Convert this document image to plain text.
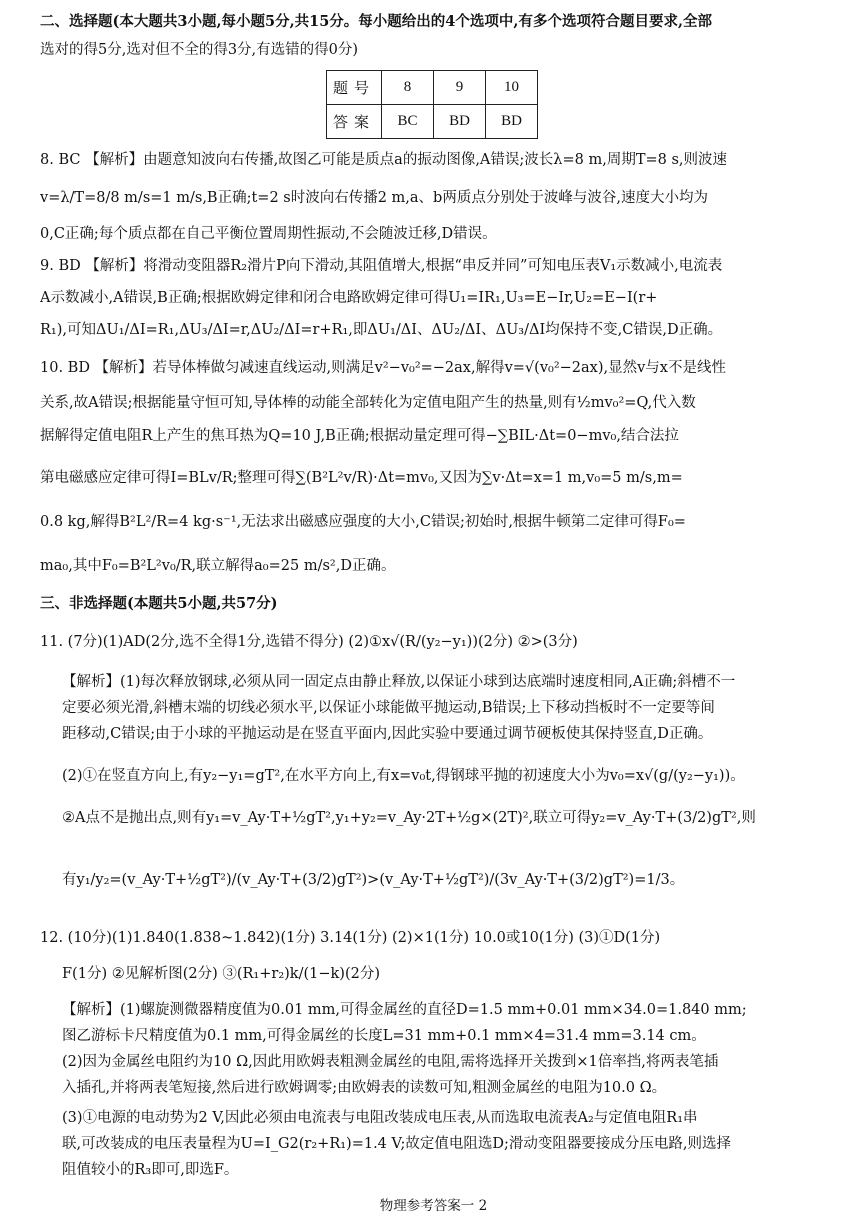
二、选择题(本大题共3小题,每小题5分,共15分。每小题给出的4个选项中,有多个选项符合题目要求,全部
选对的得5分,选对但不全的得3分,有选错的得0分)
题号	8	9	10
答案	BC	BD	BD
8. BC 【解析】由题意知波向右传播,故图乙可能是质点a的振动图像,A错误;波长λ=8 m,周期T=8 s,则波速
v=λ/T=8/8 m/s=1 m/s,B正确;t=2 s时波向右传播2 m,a、b两质点分别处于波峰与波谷,速度大小均为
0,C正确;每个质点都在自己平衡位置周期性振动,不会随波迁移,D错误。
9. BD 【解析】将滑动变阻器R₂滑片P向下滑动,其阻值增大,根据“串反并同”可知电压表V₁示数减小,电流表
A示数减小,A错误,B正确;根据欧姆定律和闭合电路欧姆定律可得U₁=IR₁,U₃=E−Ir,U₂=E−I(r+
R₁),可知ΔU₁/ΔI=R₁,ΔU₃/ΔI=r,ΔU₂/ΔI=r+R₁,即ΔU₁/ΔI、ΔU₂/ΔI、ΔU₃/ΔI均保持不变,C错误,D正确。
10. BD 【解析】若导体棒做匀减速直线运动,则满足v²−v₀²=−2ax,解得v=√(v₀²−2ax),显然v与x不是线性
关系,故A错误;根据能量守恒可知,导体棒的动能全部转化为定值电阻产生的热量,则有½mv₀²=Q,代入数
据解得定值电阻R上产生的焦耳热为Q=10 J,B正确;根据动量定理可得−∑BIL·Δt=0−mv₀,结合法拉
第电磁感应定律可得I=BLv/R;整理可得∑(B²L²v/R)·Δt=mv₀,又因为∑v·Δt=x=1 m,v₀=5 m/s,m=
0.8 kg,解得B²L²/R=4 kg·s⁻¹,无法求出磁感应强度的大小,C错误;初始时,根据牛顿第二定律可得F₀=
ma₀,其中F₀=B²L²v₀/R,联立解得a₀=25 m/s²,D正确。
三、非选择题(本题共5小题,共57分)
11. (7分)(1)AD(2分,选不全得1分,选错不得分) (2)①x√(R/(y₂−y₁))(2分) ②>(3分)
【解析】(1)每次释放钢球,必须从同一固定点由静止释放,以保证小球到达底端时速度相同,A正确;斜槽不一
定要必须光滑,斜槽末端的切线必须水平,以保证小球能做平抛运动,B错误;上下移动挡板时不一定要等间
距移动,C错误;由于小球的平抛运动是在竖直平面内,因此实验中要通过调节硬板使其保持竖直,D正确。
(2)①在竖直方向上,有y₂−y₁=gT²,在水平方向上,有x=v₀t,得钢球平抛的初速度大小为v₀=x√(g/(y₂−y₁))。
②A点不是抛出点,则有y₁=v_Ay·T+½gT²,y₁+y₂=v_Ay·2T+½g×(2T)²,联立可得y₂=v_Ay·T+(3/2)gT²,则
有y₁/y₂=(v_Ay·T+½gT²)/(v_Ay·T+(3/2)gT²)>(v_Ay·T+½gT²)/(3v_Ay·T+(3/2)gT²)=1/3。
12. (10分)(1)1.840(1.838~1.842)(1分) 3.14(1分) (2)×1(1分) 10.0或10(1分) (3)①D(1分)
F(1分) ②见解析图(2分) ③(R₁+r₂)k/(1−k)(2分)
【解析】(1)螺旋测微器精度值为0.01 mm,可得金属丝的直径D=1.5 mm+0.01 mm×34.0=1.840 mm;
图乙游标卡尺精度值为0.1 mm,可得金属丝的长度L=31 mm+0.1 mm×4=31.4 mm=3.14 cm。
(2)因为金属丝电阻约为10 Ω,因此用欧姆表粗测金属丝的电阻,需将选择开关拨到×1倍率挡,将两表笔插
入插孔,并将两表笔短接,然后进行欧姆调零;由欧姆表的读数可知,粗测金属丝的电阻为10.0 Ω。
(3)①电源的电动势为2 V,因此必须由电流表与电阻改装成电压表,从而选取电流表A₂与定值电阻R₁串
联,可改装成的电压表量程为U=I_G2(r₂+R₁)=1.4 V;故定值电阻选D;滑动变阻器要接成分压电路,则选择
阻值较小的R₃即可,即选F。
物理参考答案一 2
